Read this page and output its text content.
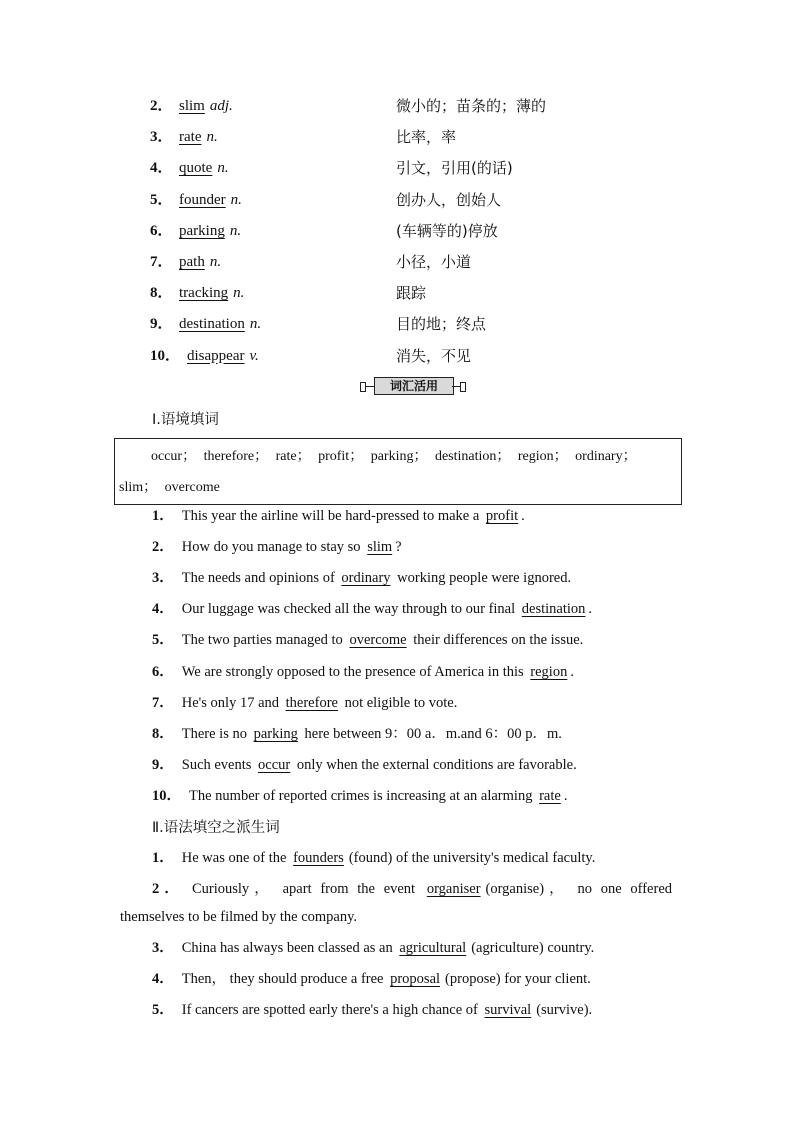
2． slim adj.	微小的；苗条的；薄的
3． rate n.	比率，率
4． quote n.	引文，引用(的话)
5． founder n.	创办人，创始人
6． parking n.	(车辆等的)停放
7． path n.	小径，小道
8． tracking n.	跟踪
9． destination n.	目的地；终点
10． disappear v.	消失，不见
词汇活用
Ⅰ.语境填词
occur； therefore； rate； profit； parking； destination； region； ordinary；
slim； overcome
1． This year the airline will be hard-pressed to make a profit .
2． How do you manage to stay so slim ?
3． The needs and opinions of ordinary working people were ignored.
4． Our luggage was checked all the way through to our final destination .
5． The two parties managed to overcome their differences on the issue.
6． We are strongly opposed to the presence of America in this region .
7． He's only 17 and therefore not eligible to vote.
8． There is no parking here between 9：00 a．m.and 6：00 p．m.
9． Such events occur only when the external conditions are favorable.
10． The number of reported crimes is increasing at an alarming rate .
Ⅱ.语法填空之派生词
1． He was one of the founders (found) of the university's medical faculty.
2． Curiously， apart from the event organiser (organise)， no one offered
themselves to be filmed by the company.
3． China has always been classed as an agricultural (agriculture) country.
4． Then， they should produce a free proposal (propose) for your client.
5． If cancers are spotted early there's a high chance of survival (survive).
